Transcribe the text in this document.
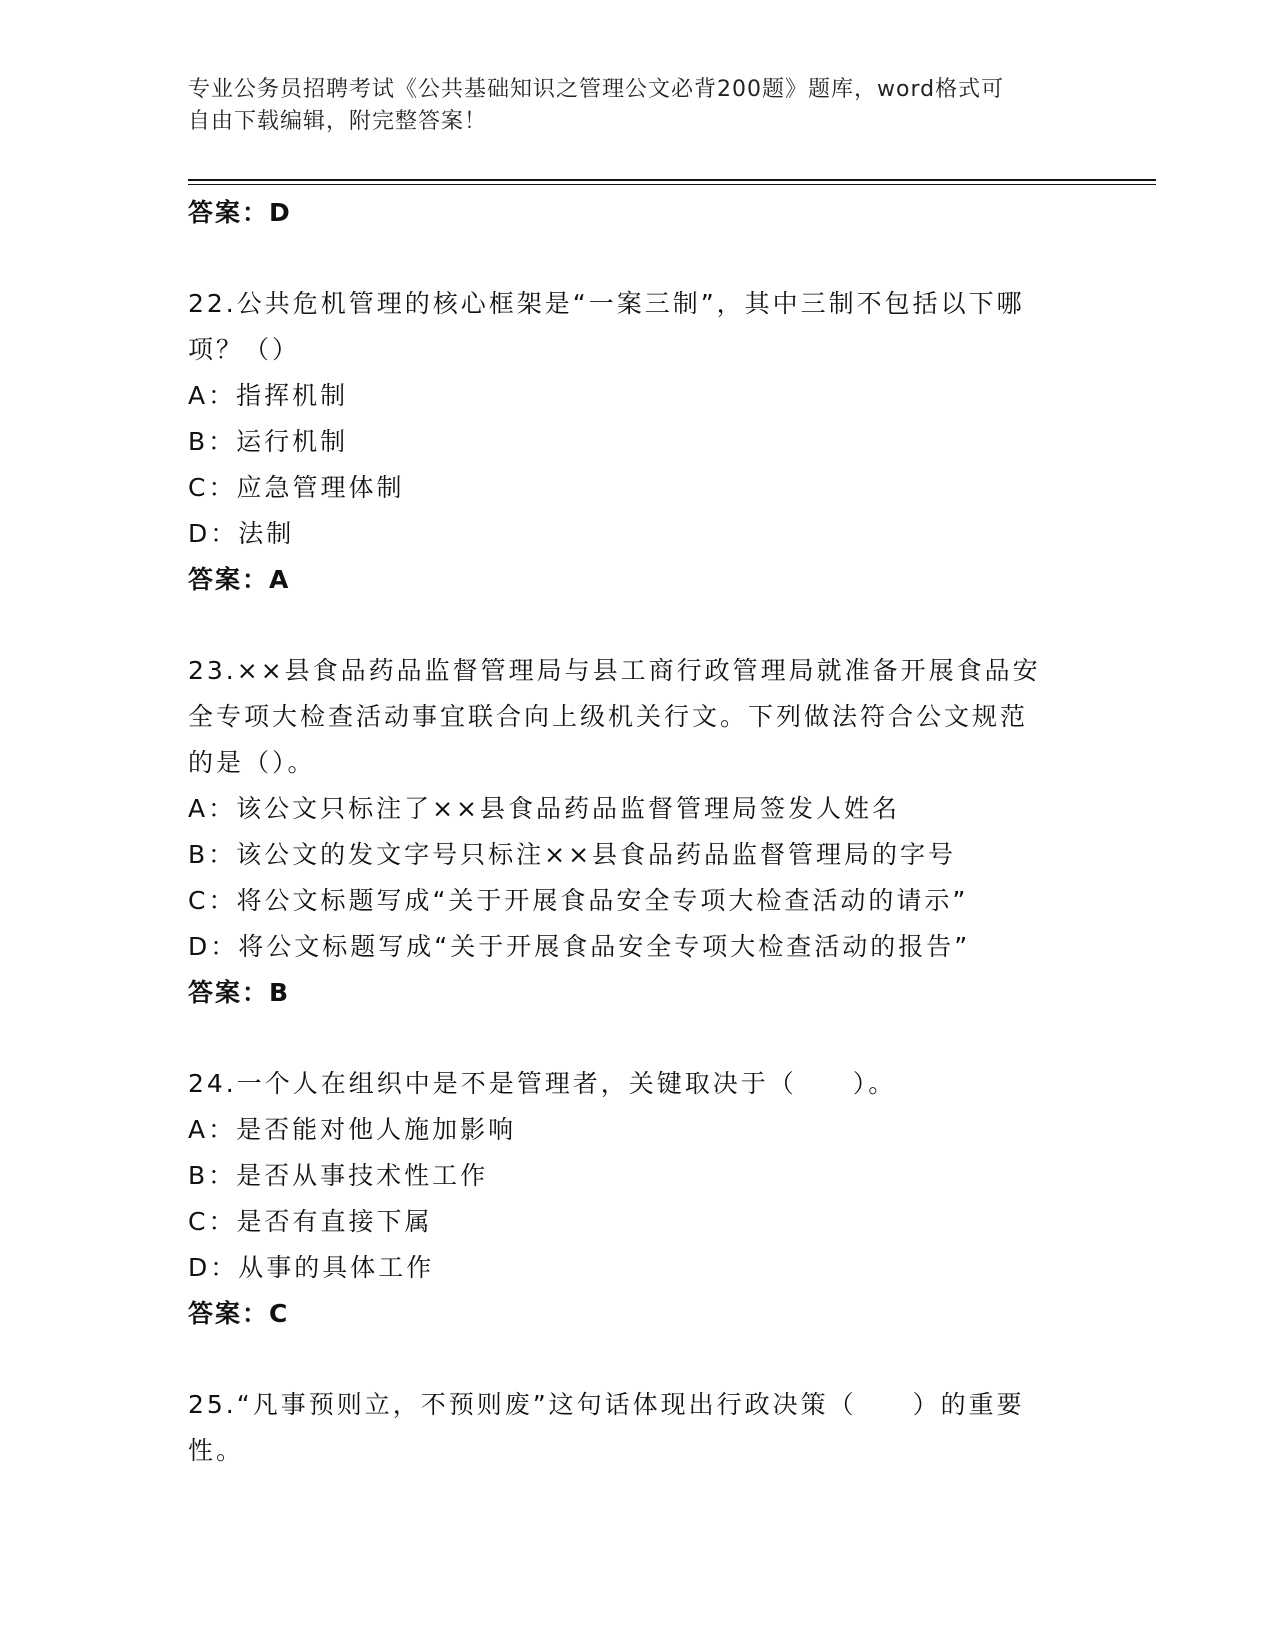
专业公务员招聘考试《公共基础知识之管理公文必背200题》题库，word格式可
自由下载编辑，附完整答案！
答案：D
22.公共危机管理的核心框架是“一案三制”，其中三制不包括以下哪
项？（）
A：指挥机制
B：运行机制
C：应急管理体制
D：法制
答案：A
23.××县食品药品监督管理局与县工商行政管理局就准备开展食品安
全专项大检查活动事宜联合向上级机关行文。下列做法符合公文规范
的是（）。
A：该公文只标注了××县食品药品监督管理局签发人姓名
B：该公文的发文字号只标注××县食品药品监督管理局的字号
C：将公文标题写成“关于开展食品安全专项大检查活动的请示”
D：将公文标题写成“关于开展食品安全专项大检查活动的报告”
答案：B
24.一个人在组织中是不是管理者，关键取决于（　　）。
A：是否能对他人施加影响
B：是否从事技术性工作
C：是否有直接下属
D：从事的具体工作
答案：C
25.“凡事预则立，不预则废”这句话体现出行政决策（　　）的重要
性。
